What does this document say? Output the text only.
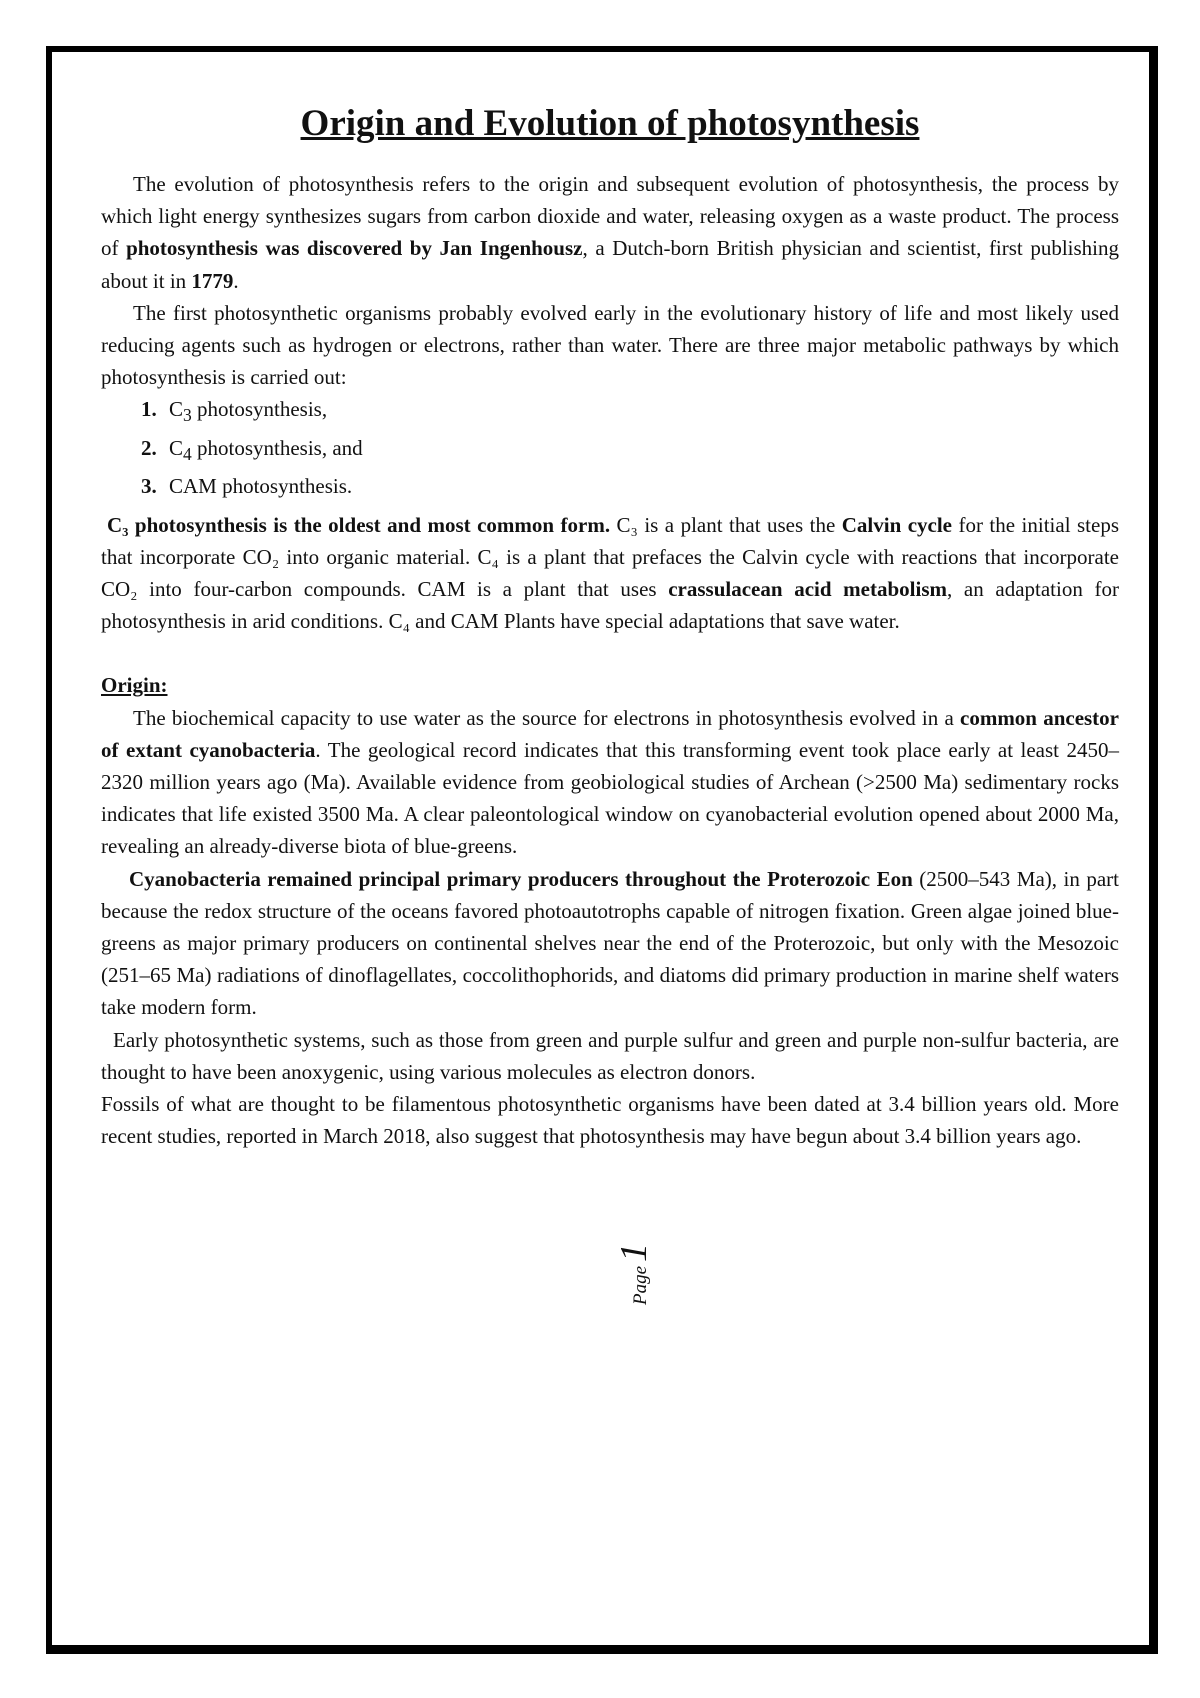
Origin and Evolution of photosynthesis

The evolution of photosynthesis refers to the origin and subsequent evolution of photosynthesis, the process by which light energy synthesizes sugars from carbon dioxide and water, releasing oxygen as a waste product. The process of photosynthesis was discovered by Jan Ingenhousz, a Dutch-born British physician and scientist, first publishing about it in 1779.

The first photosynthetic organisms probably evolved early in the evolutionary history of life and most likely used reducing agents such as hydrogen or electrons, rather than water. There are three major metabolic pathways by which photosynthesis is carried out:

1. $C_3$ photosynthesis,
2. $C_4$ photosynthesis, and
3. CAM photosynthesis.

C₃ photosynthesis is the oldest and most common form. C₃ is a plant that uses the Calvin cycle for the initial steps that incorporate CO₂ into organic material. C₄ is a plant that prefaces the Calvin cycle with reactions that incorporate CO₂ into four-carbon compounds. CAM is a plant that uses crassulacean acid metabolism, an adaptation for photosynthesis in arid conditions. C₄ and CAM Plants have special adaptations that save water.

Origin:

The biochemical capacity to use water as the source for electrons in photosynthesis evolved in a common ancestor of extant cyanobacteria. The geological record indicates that this transforming event took place early at least 2450–2320 million years ago (Ma). Available evidence from geobiological studies of Archean (>2500 Ma) sedimentary rocks indicates that life existed 3500 Ma. A clear paleontological window on cyanobacterial evolution opened about 2000 Ma, revealing an already-diverse biota of blue-greens.

Cyanobacteria remained principal primary producers throughout the Proterozoic Eon (2500–543 Ma), in part because the redox structure of the oceans favored photoautotrophs capable of nitrogen fixation. Green algae joined blue-greens as major primary producers on continental shelves near the end of the Proterozoic, but only with the Mesozoic (251–65 Ma) radiations of dinoflagellates, coccolithophorids, and diatoms did primary production in marine shelf waters take modern form.

Early photosynthetic systems, such as those from green and purple sulfur and green and purple non-sulfur bacteria, are thought to have been anoxygenic, using various molecules as electron donors.

Fossils of what are thought to be filamentous photosynthetic organisms have been dated at 3.4 billion years old. More recent studies, reported in March 2018, also suggest that photosynthesis may have begun about 3.4 billion years ago.

Page1
